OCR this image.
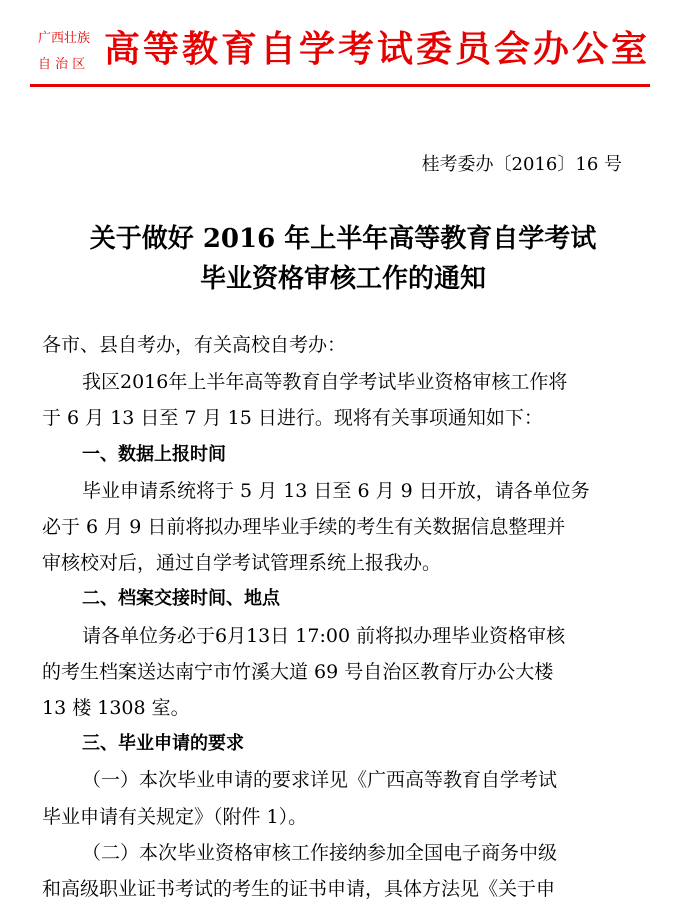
广西壮族
自 治 区 高等教育自学考试委员会办公室
桂考委办〔2016〕16 号
关于做好 2016 年上半年高等教育自学考试
毕业资格审核工作的通知
各市、县自考办，有关高校自考办：
我区2016年上半年高等教育自学考试毕业资格审核工作将
于 6 月 13 日至 7 月 15 日进行。现将有关事项通知如下：
一、数据上报时间
毕业申请系统将于 5 月 13 日至 6 月 9 日开放，请各单位务
必于 6 月 9 日前将拟办理毕业手续的考生有关数据信息整理并
审核校对后，通过自学考试管理系统上报我办。
二、档案交接时间、地点
请各单位务必于6月13日 17:00 前将拟办理毕业资格审核
的考生档案送达南宁市竹溪大道 69 号自治区教育厅办公大楼
13 楼 1308 室。
三、毕业申请的要求
（一）本次毕业申请的要求详见《广西高等教育自学考试
毕业申请有关规定》（附件 1）。
（二）本次毕业资格审核工作接纳参加全国电子商务中级
和高级职业证书考试的考生的证书申请，具体方法见《关于申
